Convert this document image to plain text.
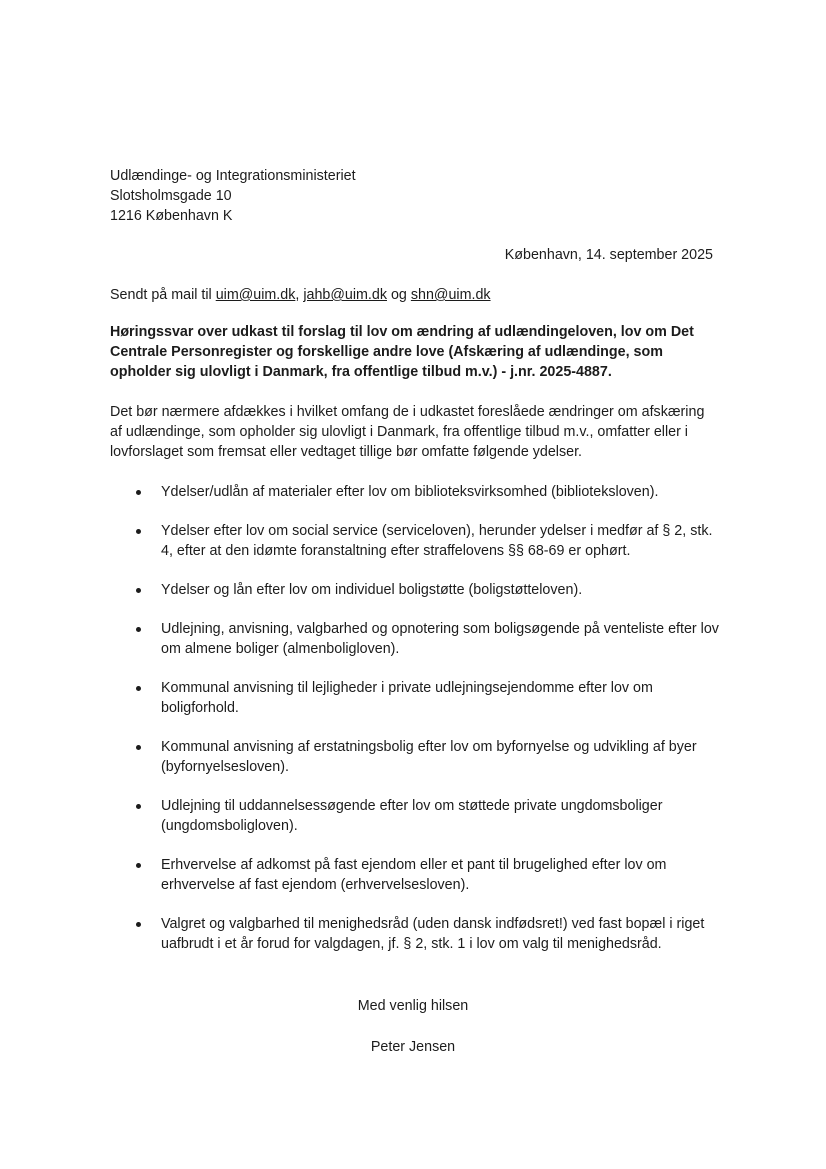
Udlændinge- og Integrationsministeriet
Slotsholmsgade 10
1216 København K
København, 14. september 2025
Sendt på mail til uim@uim.dk, jahb@uim.dk og shn@uim.dk
Høringssvar over udkast til forslag til lov om ændring af udlændingeloven, lov om Det Centrale Personregister og forskellige andre love (Afskæring af udlændinge, som opholder sig ulovligt i Danmark, fra offentlige tilbud m.v.) - j.nr. 2025-4887.
Det bør nærmere afdækkes i hvilket omfang de i udkastet foreslåede ændringer om afskæring af udlændinge, som opholder sig ulovligt i Danmark, fra offentlige tilbud m.v., omfatter eller i lovforslaget som fremsat eller vedtaget tillige bør omfatte følgende ydelser.
Ydelser/udlån af materialer efter lov om biblioteksvirksomhed (biblioteksloven).
Ydelser efter lov om social service (serviceloven), herunder ydelser i medfør af § 2, stk. 4, efter at den idømte foranstaltning efter straffelovens §§ 68-69 er ophørt.
Ydelser og lån efter lov om individuel boligstøtte (boligstøtteloven).
Udlejning, anvisning, valgbarhed og opnotering som boligsøgende på venteliste efter lov om almene boliger (almenboligloven).
Kommunal anvisning til lejligheder i private udlejningsejendomme efter lov om boligforhold.
Kommunal anvisning af erstatningsbolig efter lov om byfornyelse og udvikling af byer (byfornyelsesloven).
Udlejning til uddannelsessøgende efter lov om støttede private ungdomsboliger (ungdomsboligloven).
Erhvervelse af adkomst på fast ejendom eller et pant til brugelighed efter lov om erhvervelse af fast ejendom (erhvervelsesloven).
Valgret og valgbarhed til menighedsråd (uden dansk indfødsret!) ved fast bopæl i riget uafbrudt i et år forud for valgdagen, jf. § 2, stk. 1 i lov om valg til menighedsråd.
Med venlig hilsen
Peter Jensen
